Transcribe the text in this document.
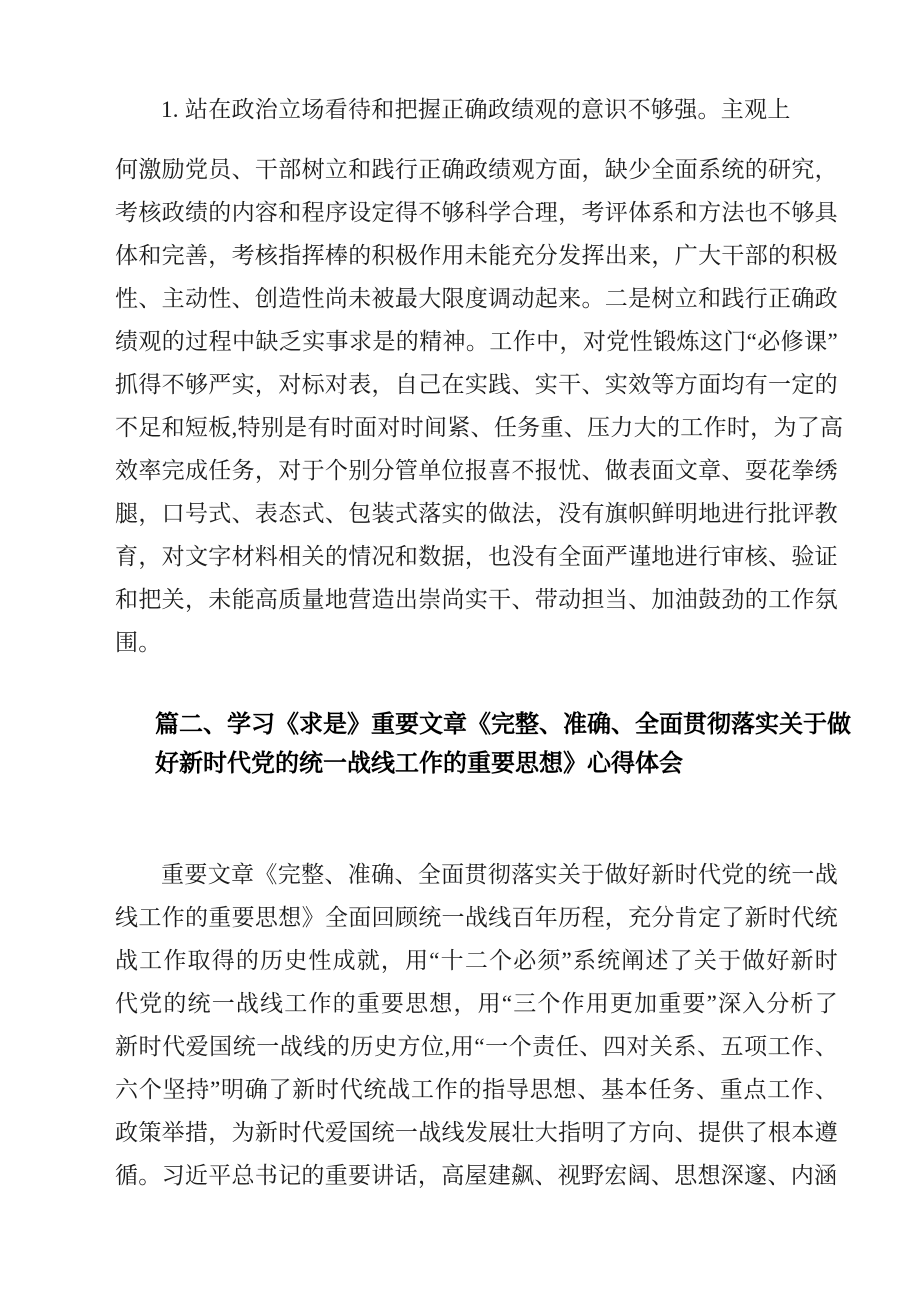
1. 站在政治立场看待和把握正确政绩观的意识不够强。主观上
何激励党员、干部树立和践行正确政绩观方面，缺少全面系统的研究，
考核政绩的内容和程序设定得不够科学合理，考评体系和方法也不够具
体和完善，考核指挥棒的积极作用未能充分发挥出来，广大干部的积极
性、主动性、创造性尚未被最大限度调动起来。二是树立和践行正确政
绩观的过程中缺乏实事求是的精神。工作中，对党性锻炼这门“必修课”
抓得不够严实，对标对表，自己在实践、实干、实效等方面均有一定的
不足和短板,特别是有时面对时间紧、任务重、压力大的工作时，为了高
效率完成任务，对于个别分管单位报喜不报忧、做表面文章、耍花拳绣
腿，口号式、表态式、包装式落实的做法，没有旗帜鲜明地进行批评教
育，对文字材料相关的情况和数据，也没有全面严谨地进行审核、验证
和把关，未能高质量地营造出崇尚实干、带动担当、加油鼓劲的工作氛
围。
篇二、学习《求是》重要文章《完整、准确、全面贯彻落实关于做
好新时代党的统一战线工作的重要思想》心得体会
重要文章《完整、准确、全面贯彻落实关于做好新时代党的统一战
线工作的重要思想》全面回顾统一战线百年历程，充分肯定了新时代统
战工作取得的历史性成就，用“十二个必须”系统阐述了关于做好新时
代党的统一战线工作的重要思想，用“三个作用更加重要”深入分析了
新时代爱国统一战线的历史方位,用“一个责任、四对关系、五项工作、
六个坚持”明确了新时代统战工作的指导思想、基本任务、重点工作、
政策举措，为新时代爱国统一战线发展壮大指明了方向、提供了根本遵
循。习近平总书记的重要讲话，高屋建飙、视野宏阔、思想深邃、内涵
